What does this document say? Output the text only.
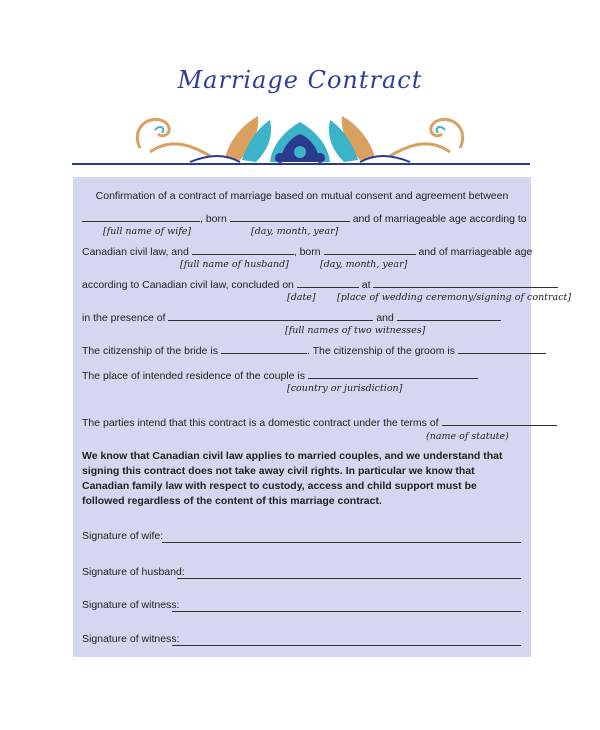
Marriage Contract
Confirmation of a contract of marriage based on mutual consent and agreement between
, born	and of marriageable age according to
[full name of wife]	[day, month, year]
Canadian civil law, and	, born	and of marriageable age
[full name of husband]	[day, month, year]
according to Canadian civil law, concluded on	at
[date] [place of wedding ceremony/signing of contract]
in the presence of	and
[full names of two witnesses]
The citizenship of the bride is	. The citizenship of the groom is
The place of intended residence of the couple is
[country or jurisdiction]
The parties intend that this contract is a domestic contract under the terms of
(name of statute)
We know that Canadian civil law applies to married couples, and we understand that signing this contract does not take away civil rights. In particular we know that Canadian family law with respect to custody, access and child support must be followed regardless of the content of this marriage contract.
Signature of wife:
Signature of husband:
Signature of witness:
Signature of witness:
